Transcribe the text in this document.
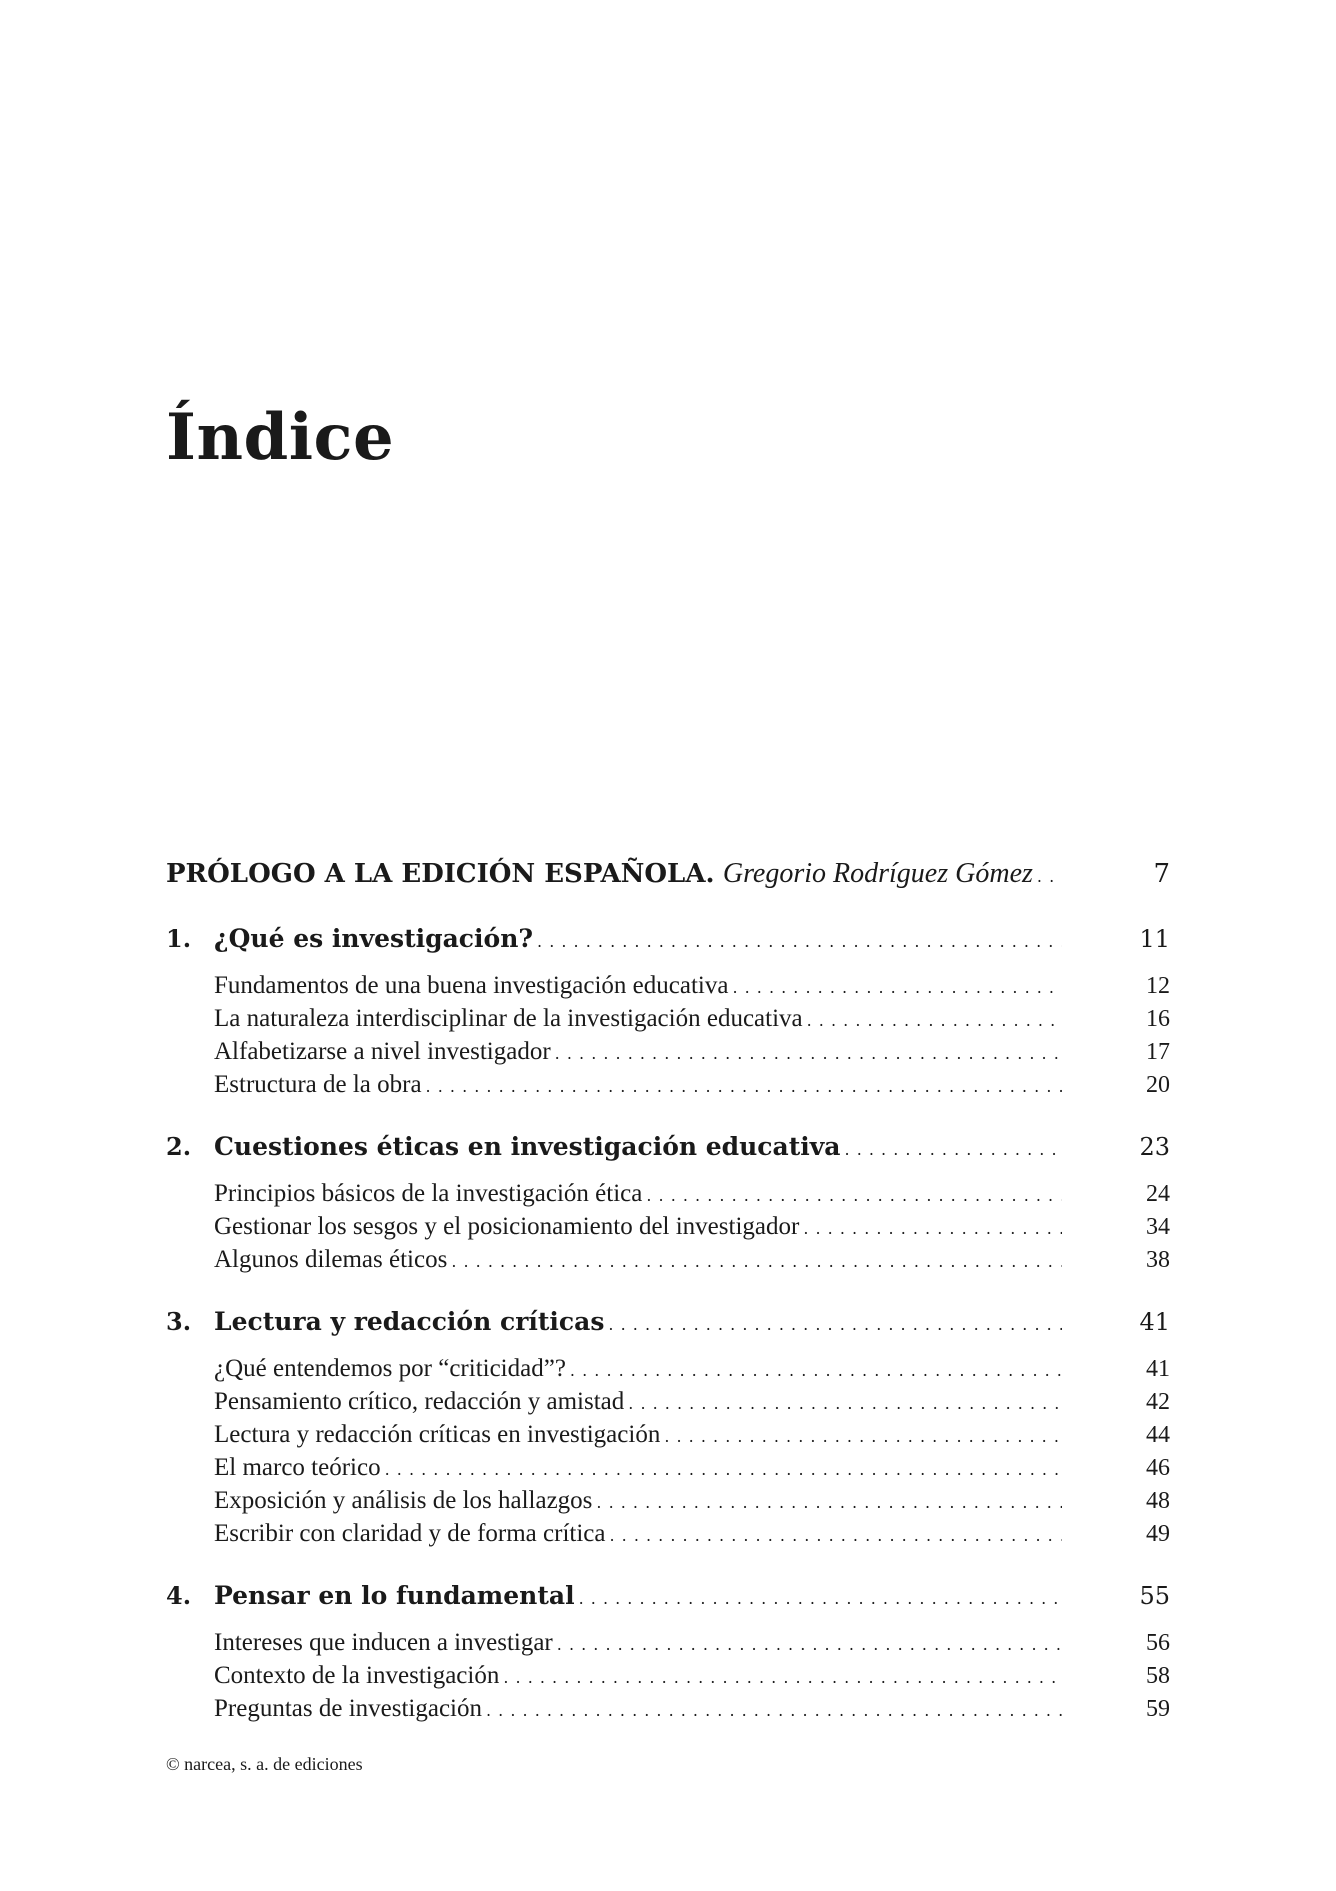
Índice
PRÓLOGO A LA EDICIÓN ESPAÑOLA. Gregorio Rodríguez Gómez . . .	7
1. ¿Qué es investigación? . . .	11
Fundamentos de una buena investigación educativa . . .	12
La naturaleza interdisciplinar de la investigación educativa . . .	16
Alfabetizarse a nivel investigador . . .	17
Estructura de la obra . . .	20
2. Cuestiones éticas en investigación educativa . . .	23
Principios básicos de la investigación ética . . .	24
Gestionar los sesgos y el posicionamiento del investigador . . .	34
Algunos dilemas éticos . . .	38
3. Lectura y redacción críticas . . .	41
¿Qué entendemos por “criticidad”? . . .	41
Pensamiento crítico, redacción y amistad . . .	42
Lectura y redacción críticas en investigación . . .	44
El marco teórico . . .	46
Exposición y análisis de los hallazgos . . .	48
Escribir con claridad y de forma crítica . . .	49
4. Pensar en lo fundamental . . .	55
Intereses que inducen a investigar . . .	56
Contexto de la investigación . . .	58
Preguntas de investigación . . .	59
© narcea, s. a. de ediciones
